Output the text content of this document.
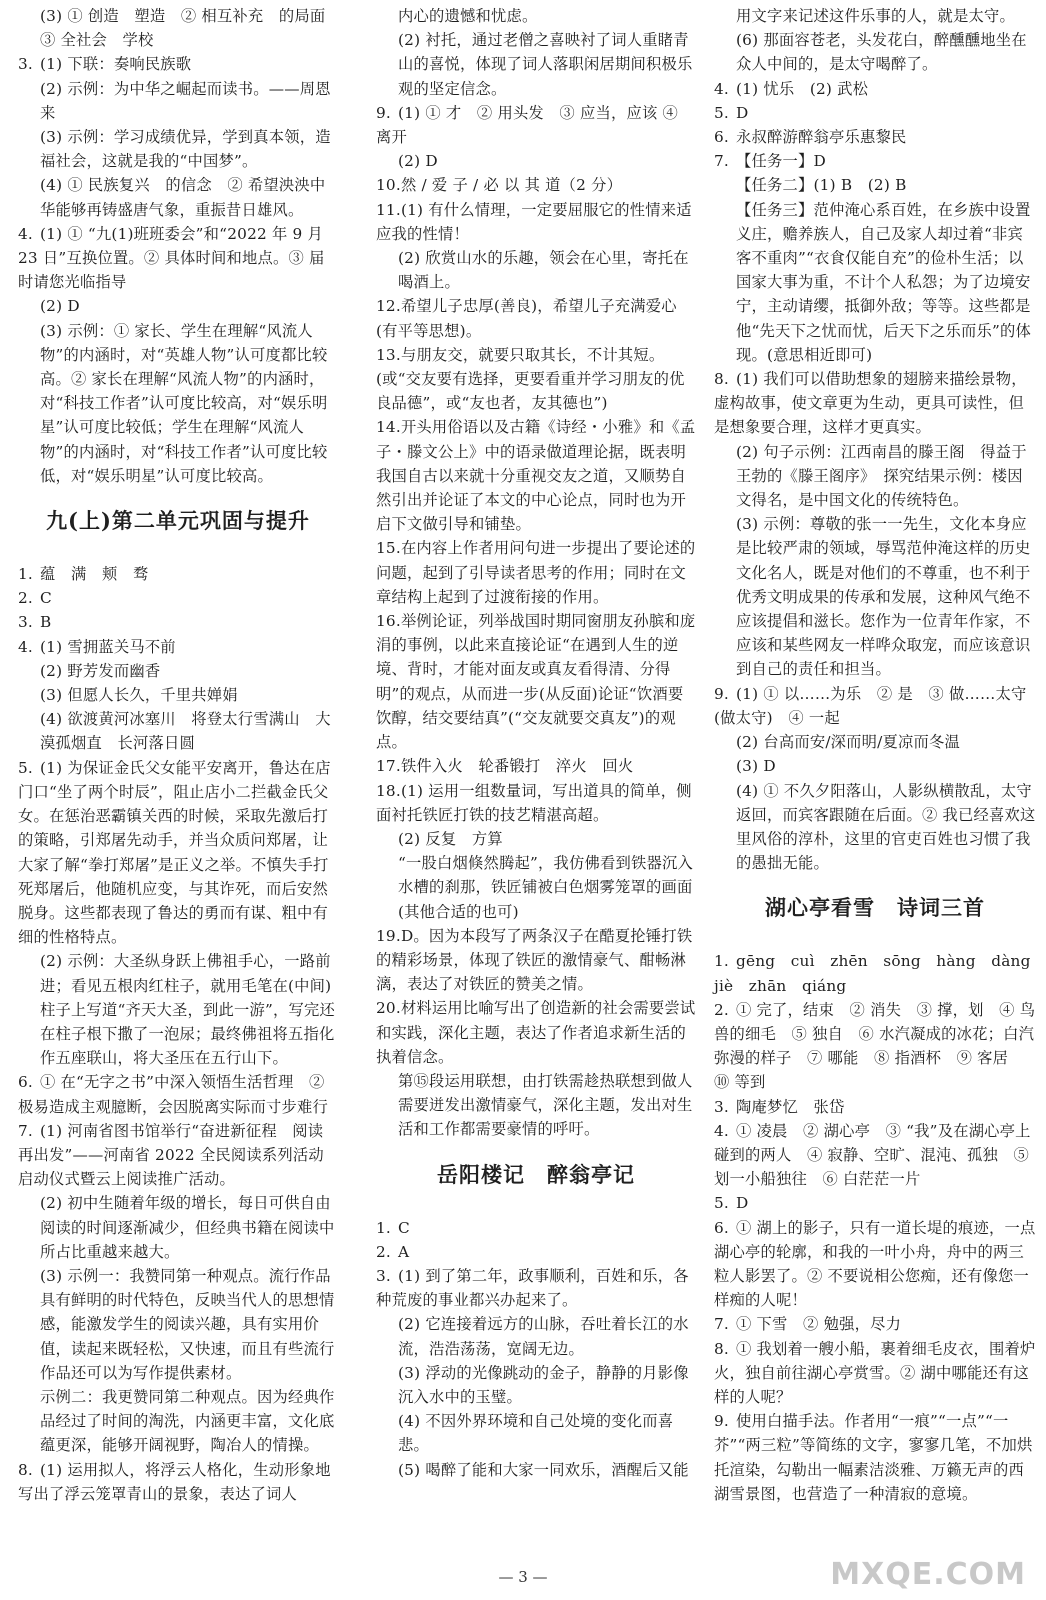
(3) ① 创造　塑造　② 相互补充　的局面 ③ 全社会　学校

3. (1) 下联：奏响民族歌

(2) 示例：为中华之崛起而读书。——周恩来

(3) 示例：学习成绩优异，学到真本领，造福社会，这就是我的“中国梦”。

(4) ① 民族复兴　的信念　② 希望泱泱中华能够再铸盛唐气象，重振昔日雄风。

4. (1) ① “九(1)班班委会”和“2022 年 9 月 23 日”互换位置。② 具体时间和地点。③ 届时请您光临指导

(2) D

(3) 示例：① 家长、学生在理解“风流人物”的内涵时，对“英雄人物”认可度都比较高。② 家长在理解“风流人物”的内涵时，对“科技工作者”认可度比较高，对“娱乐明星”认可度比较低；学生在理解“风流人物”的内涵时，对“科技工作者”认可度比较低，对“娱乐明星”认可度比较高。

九(上)第二单元巩固与提升

1. 蕴　满　颊　骛

2. C

3. B

4. (1) 雪拥蓝关马不前

(2) 野芳发而幽香

(3) 但愿人长久，千里共婵娟

(4) 欲渡黄河冰塞川　将登太行雪满山　大漠孤烟直　长河落日圆

5. (1) 为保证金氏父女能平安离开，鲁达在店门口“坐了两个时辰”，阻止店小二拦截金氏父女。在惩治恶霸镇关西的时候，采取先激后打的策略，引郑屠先动手，并当众质问郑屠，让大家了解“拳打郑屠”是正义之举。不慎失手打死郑屠后，他随机应变，与其诈死，而后安然脱身。这些都表现了鲁达的勇而有谋、粗中有细的性格特点。

(2) 示例：大圣纵身跃上佛祖手心，一路前进；看见五根肉红柱子，就用毛笔在(中间)柱子上写道“齐天大圣，到此一游”，写完还在柱子根下撒了一泡尿；最终佛祖将五指化作五座联山，将大圣压在五行山下。

6. ① 在“无字之书”中深入领悟生活哲理　② 极易造成主观臆断，会因脱离实际而寸步难行

7. (1) 河南省图书馆举行“奋进新征程　阅读再出发”——河南省 2022 全民阅读系列活动启动仪式暨云上阅读推广活动。

(2) 初中生随着年级的增长，每日可供自由阅读的时间逐渐减少，但经典书籍在阅读中所占比重越来越大。

(3) 示例一：我赞同第一种观点。流行作品具有鲜明的时代特色，反映当代人的思想情感，能激发学生的阅读兴趣，具有实用价值，读起来既轻松，又快速，而且有些流行作品还可以为写作提供素材。

示例二：我更赞同第二种观点。因为经典作品经过了时间的淘洗，内涵更丰富，文化底蕴更深，能够开阔视野，陶冶人的情操。

8. (1) 运用拟人，将浮云人格化，生动形象地写出了浮云笼罩青山的景象，表达了词人

内心的遗憾和忧虑。

(2) 衬托，通过老僧之喜映衬了词人重睹青山的喜悦，体现了词人落职闲居期间积极乐观的坚定信念。

9. (1) ① 才　② 用头发　③ 应当，应该 ④ 离开

(2) D

10.然 / 爱 子 / 必 以 其 道（2 分）

11.(1) 有什么情理，一定要屈服它的性情来适应我的性情！

(2) 欣赏山水的乐趣，领会在心里，寄托在喝酒上。

12.希望儿子忠厚(善良)，希望儿子充满爱心(有平等思想)。

13.与朋友交，就要只取其长，不计其短。(或“交友要有选择，更要看重并学习朋友的优良品德”，或“友也者，友其德也”)

14.开头用俗语以及古籍《诗经・小雅》和《孟子・滕文公上》中的语录做道理论据，既表明我国自古以来就十分重视交友之道，又顺势自然引出并论证了本文的中心论点，同时也为开启下文做引导和铺垫。

15.在内容上作者用问句进一步提出了要论述的问题，起到了引导读者思考的作用；同时在文章结构上起到了过渡衔接的作用。

16.举例论证，列举战国时期同窗朋友孙膑和庞涓的事例，以此来直接论证“在遇到人生的逆境、背时，才能对面友或真友看得清、分得明”的观点，从而进一步(从反面)论证“饮酒要饮醇，结交要结真”(“交友就要交真友”)的观点。

17.铁件入火　轮番锻打　淬火　回火

18.(1) 运用一组数量词，写出道具的简单，侧面衬托铁匠打铁的技艺精湛高超。

(2) 反复　方算

“一股白烟倏然腾起”，我仿佛看到铁器沉入水槽的刹那，铁匠铺被白色烟雾笼罩的画面(其他合适的也可)

19.D。因为本段写了两条汉子在酷夏抡锤打铁的精彩场景，体现了铁匠的激情豪气、酣畅淋漓，表达了对铁匠的赞美之情。

20.材料运用比喻写出了创造新的社会需要尝试和实践，深化主题，表达了作者追求新生活的执着信念。

第⑮段运用联想，由打铁需趁热联想到做人需要迸发出激情豪气，深化主题，发出对生活和工作都需要豪情的呼吁。

岳阳楼记　醉翁亭记

1. C

2. A

3. (1) 到了第二年，政事顺利，百姓和乐，各种荒废的事业都兴办起来了。

(2) 它连接着远方的山脉，吞吐着长江的水流，浩浩荡荡，宽阔无边。

(3) 浮动的光像跳动的金子，静静的月影像沉入水中的玉璧。

(4) 不因外界环境和自己处境的变化而喜悲。

(5) 喝醉了能和大家一同欢乐，酒醒后又能

用文字来记述这件乐事的人，就是太守。

(6) 那面容苍老，头发花白，醉醺醺地坐在众人中间的，是太守喝醉了。

4. (1) 忧乐　(2) 武松

5. D

6. 永叔醉游醉翁亭乐惠黎民

7. 【任务一】D

【任务二】(1) B　(2) B

【任务三】范仲淹心系百姓，在乡族中设置义庄，赡养族人，自己及家人却过着“非宾客不重肉”“衣食仅能自充”的俭朴生活；以国家大事为重，不计个人私怨；为了边境安宁，主动请缨，抵御外敌；等等。这些都是他“先天下之忧而忧，后天下之乐而乐”的体现。(意思相近即可)

8. (1) 我们可以借助想象的翅膀来描绘景物，虚构故事，使文章更为生动，更具可读性，但是想象要合理，这样才更真实。

(2) 句子示例：江西南昌的滕王阁　得益于王勃的《滕王阁序》　探究结果示例：楼因文得名，是中国文化的传统特色。

(3) 示例：尊敬的张一一先生，文化本身应是比较严肃的领域，辱骂范仲淹这样的历史文化名人，既是对他们的不尊重，也不利于优秀文明成果的传承和发展，这种风气绝不应该提倡和滋长。您作为一位青年作家，不应该和某些网友一样哗众取宠，而应该意识到自己的责任和担当。

9. (1) ① 以……为乐　② 是　③ 做……太守(做太守)　④ 一起

(2) 台高而安/深而明/夏凉而冬温

(3) D

(4) ① 不久夕阳落山，人影纵横散乱，太守返回，而宾客跟随在后面。② 我已经喜欢这里风俗的淳朴，这里的官吏百姓也习惯了我的愚拙无能。

湖心亭看雪　诗词三首

1. gēng　cuì　zhēn　sōng　hàng　dàng　jiè　zhān　qiáng

2. ① 完了，结束　② 消失　③ 撑，划　④ 鸟兽的细毛　⑤ 独自　⑥ 水汽凝成的冰花；白汽弥漫的样子　⑦ 哪能　⑧ 指酒杯　⑨ 客居　⑩ 等到

3. 陶庵梦忆　张岱

4. ① 凌晨　② 湖心亭　③ “我”及在湖心亭上碰到的两人　④ 寂静、空旷、混沌、孤独　⑤ 划一小船独往　⑥ 白茫茫一片

5. D

6. ① 湖上的影子，只有一道长堤的痕迹，一点湖心亭的轮廓，和我的一叶小舟，舟中的两三粒人影罢了。② 不要说相公您痴，还有像您一样痴的人呢！

7. ① 下雪　② 勉强，尽力

8. ① 我划着一艘小船，裹着细毛皮衣，围着炉火，独自前往湖心亭赏雪。② 湖中哪能还有这样的人呢？

9. 使用白描手法。作者用“一痕”“一点”“一芥”“两三粒”等简练的文字，寥寥几笔，不加烘托渲染，勾勒出一幅素洁淡雅、万籁无声的西湖雪景图，也营造了一种清寂的意境。

— 3 —	MXQE.COM
